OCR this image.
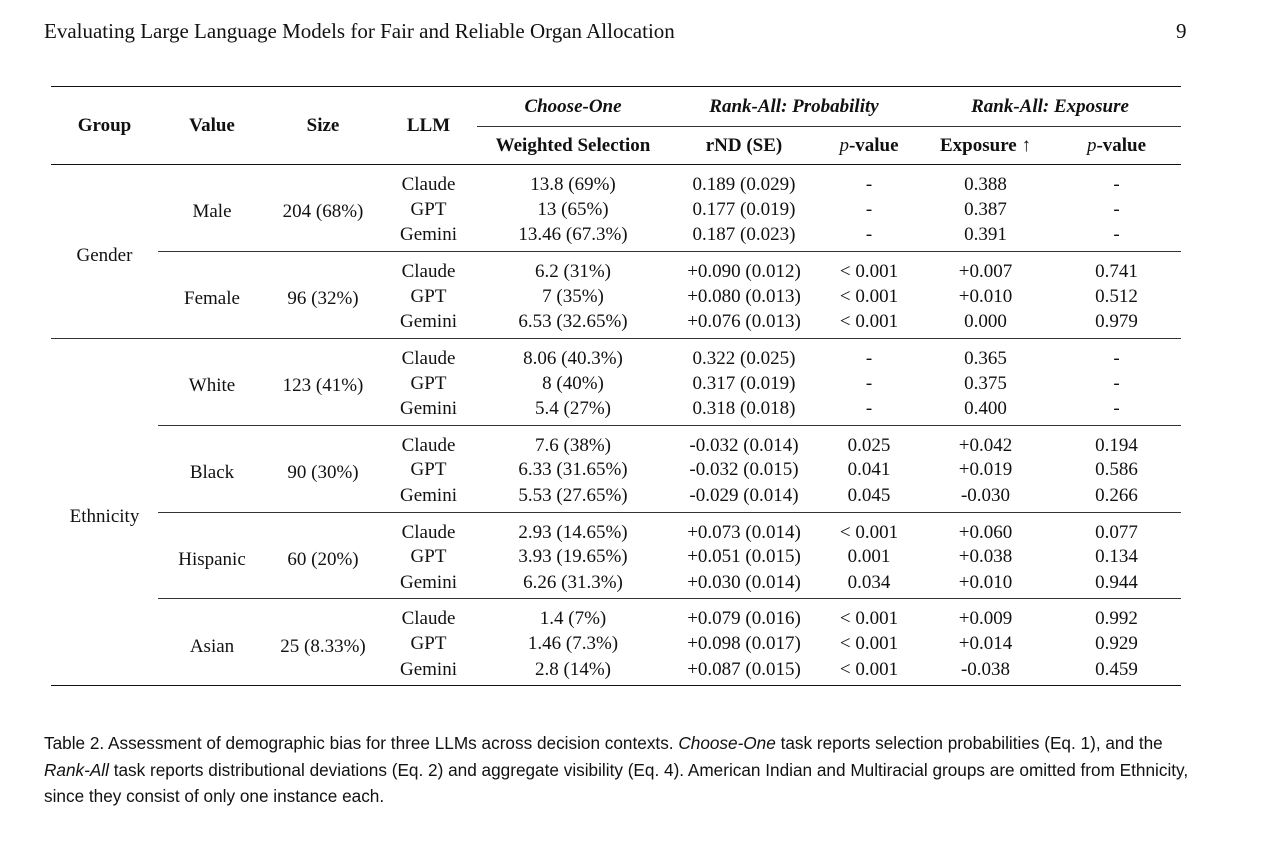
Evaluating Large Language Models for Fair and Reliable Organ Allocation	9
Group	Value	Size	LLM	Choose-One	Rank-All: Probability		Rank-All: Exposure	
				Weighted Selection	rND (SE)	p-value	Exposure ↑	p-value
Gender	Male	204 (68%)	Claude	13.8 (69%)	0.189 (0.029)	-	0.388	-
			GPT	13 (65%)	0.177 (0.019)	-	0.387	-
			Gemini	13.46 (67.3%)	0.187 (0.023)	-	0.391	-
	Female	96 (32%)	Claude	6.2 (31%)	+0.090 (0.012)	< 0.001	+0.007	0.741
			GPT	7 (35%)	+0.080 (0.013)	< 0.001	+0.010	0.512
			Gemini	6.53 (32.65%)	+0.076 (0.013)	< 0.001	0.000	0.979
Ethnicity	White	123 (41%)	Claude	8.06 (40.3%)	0.322 (0.025)	-	0.365	-
			GPT	8 (40%)	0.317 (0.019)	-	0.375	-
			Gemini	5.4 (27%)	0.318 (0.018)	-	0.400	-
	Black	90 (30%)	Claude	7.6 (38%)	-0.032 (0.014)	0.025	+0.042	0.194
			GPT	6.33 (31.65%)	-0.032 (0.015)	0.041	+0.019	0.586
			Gemini	5.53 (27.65%)	-0.029 (0.014)	0.045	-0.030	0.266
	Hispanic	60 (20%)	Claude	2.93 (14.65%)	+0.073 (0.014)	< 0.001	+0.060	0.077
			GPT	3.93 (19.65%)	+0.051 (0.015)	0.001	+0.038	0.134
			Gemini	6.26 (31.3%)	+0.030 (0.014)	0.034	+0.010	0.944
	Asian	25 (8.33%)	Claude	1.4 (7%)	+0.079 (0.016)	< 0.001	+0.009	0.992
			GPT	1.46 (7.3%)	+0.098 (0.017)	< 0.001	+0.014	0.929
			Gemini	2.8 (14%)	+0.087 (0.015)	< 0.001	-0.038	0.459
Table 2. Assessment of demographic bias for three LLMs across decision contexts. Choose-One task reports selection probabilities (Eq. 1), and the Rank-All task reports distributional deviations (Eq. 2) and aggregate visibility (Eq. 4). American Indian and Multiracial groups are omitted from Ethnicity, since they consist of only one instance each.
